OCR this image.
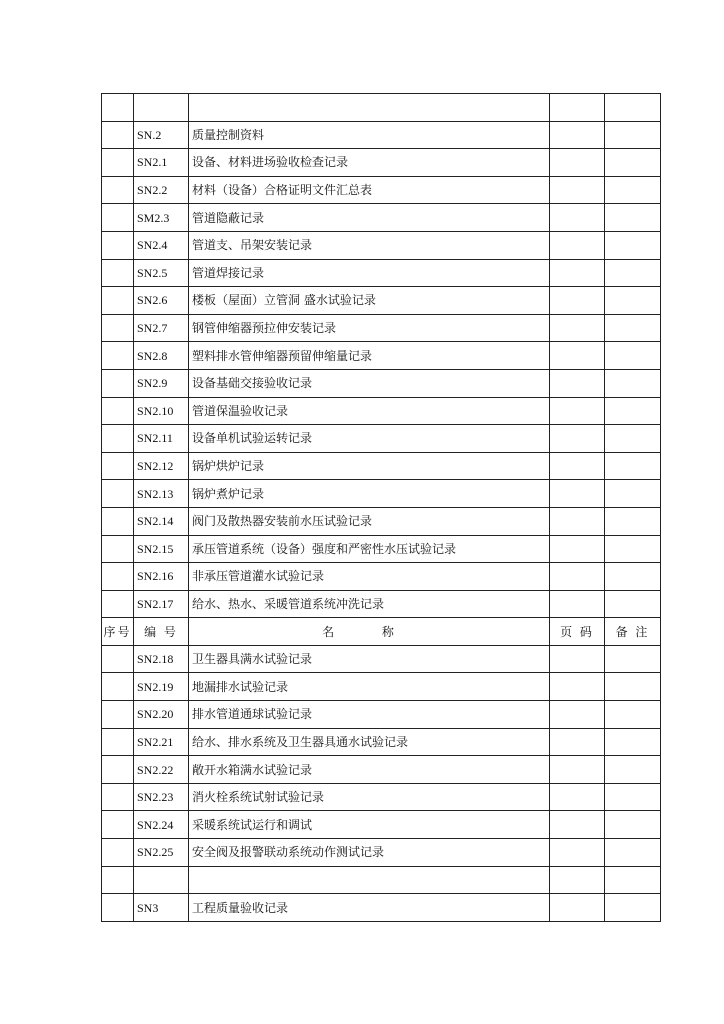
	SN.2	质量控制资料		
	SN2.1	设备、材料进场验收检查记录		
	SN2.2	材料（设备）合格证明文件汇总表		
	SM2.3	管道隐蔽记录		
	SN2.4	管道支、吊架安装记录		
	SN2.5	管道焊接记录		
	SN2.6	楼板（屋面）立管洞 盛水试验记录		
	SN2.7	钢管伸缩器预拉伸安装记录		
	SN2.8	塑料排水管伸缩器预留伸缩量记录		
	SN2.9	设备基础交接验收记录		
	SN2.10	管道保温验收记录		
	SN2.11	设备单机试验运转记录		
	SN2.12	锅炉烘炉记录		
	SN2.13	锅炉煮炉记录		
	SN2.14	阀门及散热器安装前水压试验记录		
	SN2.15	承压管道系统（设备）强度和严密性水压试验记录		
	SN2.16	非承压管道灌水试验记录		
	SN2.17	给水、热水、采暖管道系统冲洗记录		
序号	编 号	名 称	页 码	备 注
	SN2.18	卫生器具满水试验记录		
	SN2.19	地漏排水试验记录		
	SN2.20	排水管道通球试验记录		
	SN2.21	给水、排水系统及卫生器具通水试验记录		
	SN2.22	敞开水箱满水试验记录		
	SN2.23	消火栓系统试射试验记录		
	SN2.24	采暖系统试运行和调试		
	SN2.25	安全阀及报警联动系统动作测试记录		

	SN3	工程质量验收记录		
